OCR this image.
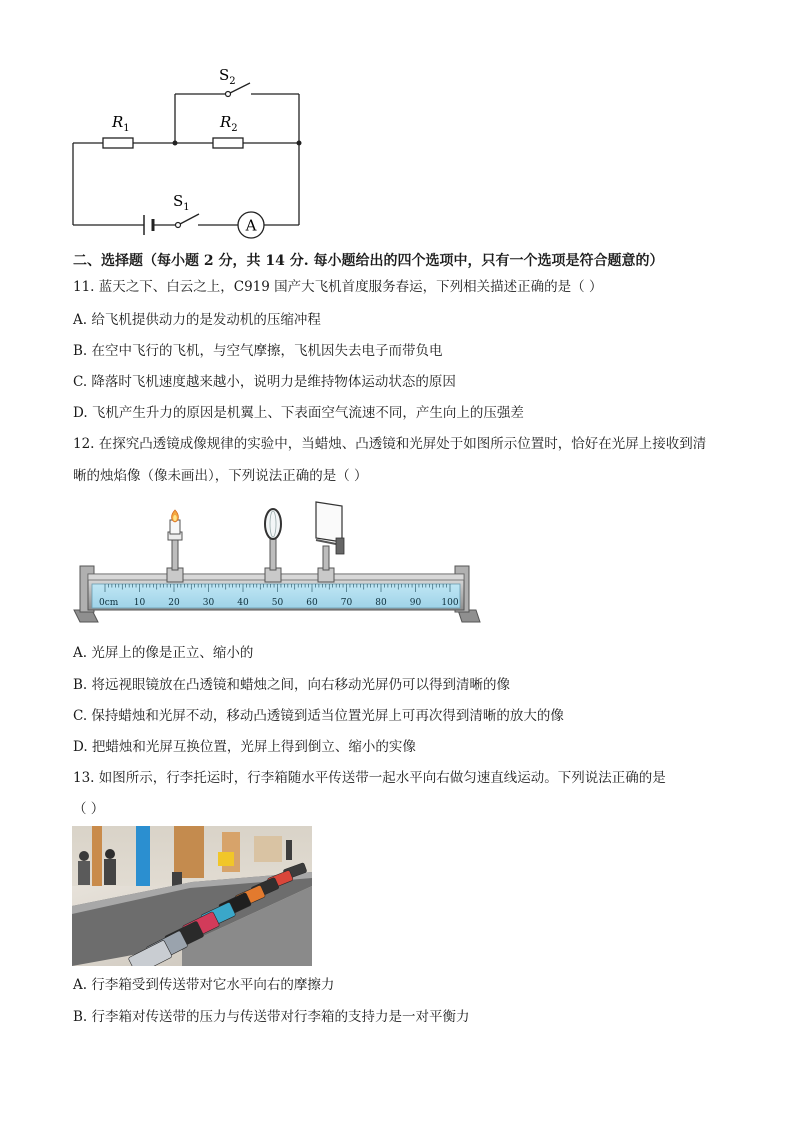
A
$S_2$
$R_1$	$R_2$
$S_1$
二、选择题（每小题 2 分，共 14 分. 每小题给出的四个选项中，只有一个选项是符合题意的）
11. 蓝天之下、白云之上，C919 国产大飞机首度服务春运，下列相关描述正确的是（ ）
A. 给飞机提供动力的是发动机的压缩冲程
B. 在空中飞行的飞机，与空气摩擦，飞机因失去电子而带负电
C. 降落时飞机速度越来越小，说明力是维持物体运动状态的原因
D. 飞机产生升力的原因是机翼上、下表面空气流速不同，产生向上的压强差
12. 在探究凸透镜成像规律的实验中，当蜡烛、凸透镜和光屏处于如图所示位置时，恰好在光屏上接收到清
晰的烛焰像（像未画出），下列说法正确的是（ ）
0cm 10	20	30	40	50	60	70	80	90 100
A. 光屏上的像是正立、缩小的
B. 将远视眼镜放在凸透镜和蜡烛之间，向右移动光屏仍可以得到清晰的像
C. 保持蜡烛和光屏不动，移动凸透镜到适当位置光屏上可再次得到清晰的放大的像
D. 把蜡烛和光屏互换位置，光屏上得到倒立、缩小的实像
13. 如图所示，行李托运时，行李箱随水平传送带一起水平向右做匀速直线运动。下列说法正确的是
（ ）
A. 行李箱受到传送带对它水平向右的摩擦力
B. 行李箱对传送带的压力与传送带对行李箱的支持力是一对平衡力
